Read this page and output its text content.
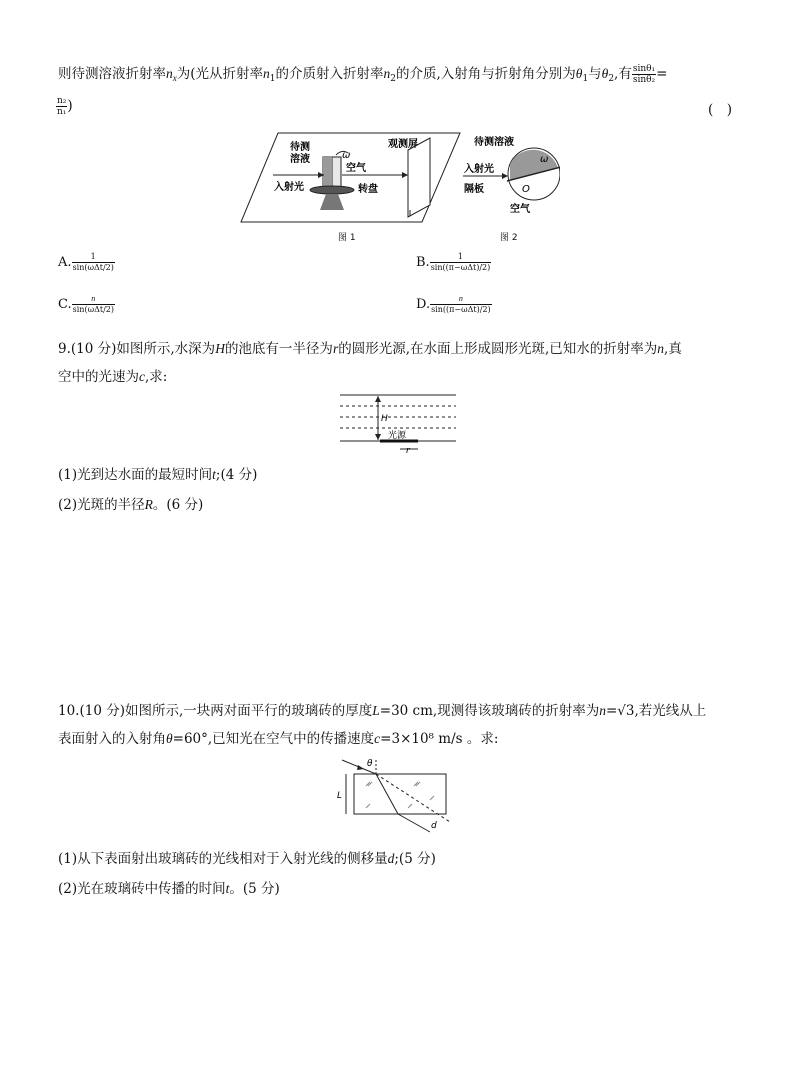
则待测溶液折射率$n_x$为(光从折射率$n_1$的介质射入折射率$n_2$的介质,入射角与折射角分别为$\theta_1$与$\theta_2$,有 $\frac{\text{sinθ₁}}{\text{sinθ₂}}$ =
$\frac{\text{n₂}}{\text{n₁}}$ )	(　)
待测
溶液	ω
空气
观测屏
入射光	转盘
图 1
待测溶液
入射光
ω
隔板	O
空气
图 2
A. $\frac{1}{\text{sin(ωΔt/2)}}$	B. $\frac{1}{\text{sin((π−ωΔt)/2)}}$
C. $\frac{n}{\text{sin(ωΔt/2)}}$	D. $\frac{n}{\text{sin((π−ωΔt)/2)}}$
9.(10 分)如图所示,水深为H的池底有一半径为r的圆形光源,在水面上形成圆形光斑,已知水的折射率为n,真
空中的光速为c,求:
H
光源
r
(1)光到达水面的最短时间t;(4 分)
(2)光斑的半径R。(6 分)
10.(10 分)如图所示,一块两对面平行的玻璃砖的厚度L=30 cm,现测得该玻璃砖的折射率为n=√3,若光线从上
表面射入的入射角θ=60°,已知光在空气中的传播速度c=3×10⁸ m/s 。求:
L
θ
d
(1)从下表面射出玻璃砖的光线相对于入射光线的侧移量d;(5 分)
(2)光在玻璃砖中传播的时间t。(5 分)
